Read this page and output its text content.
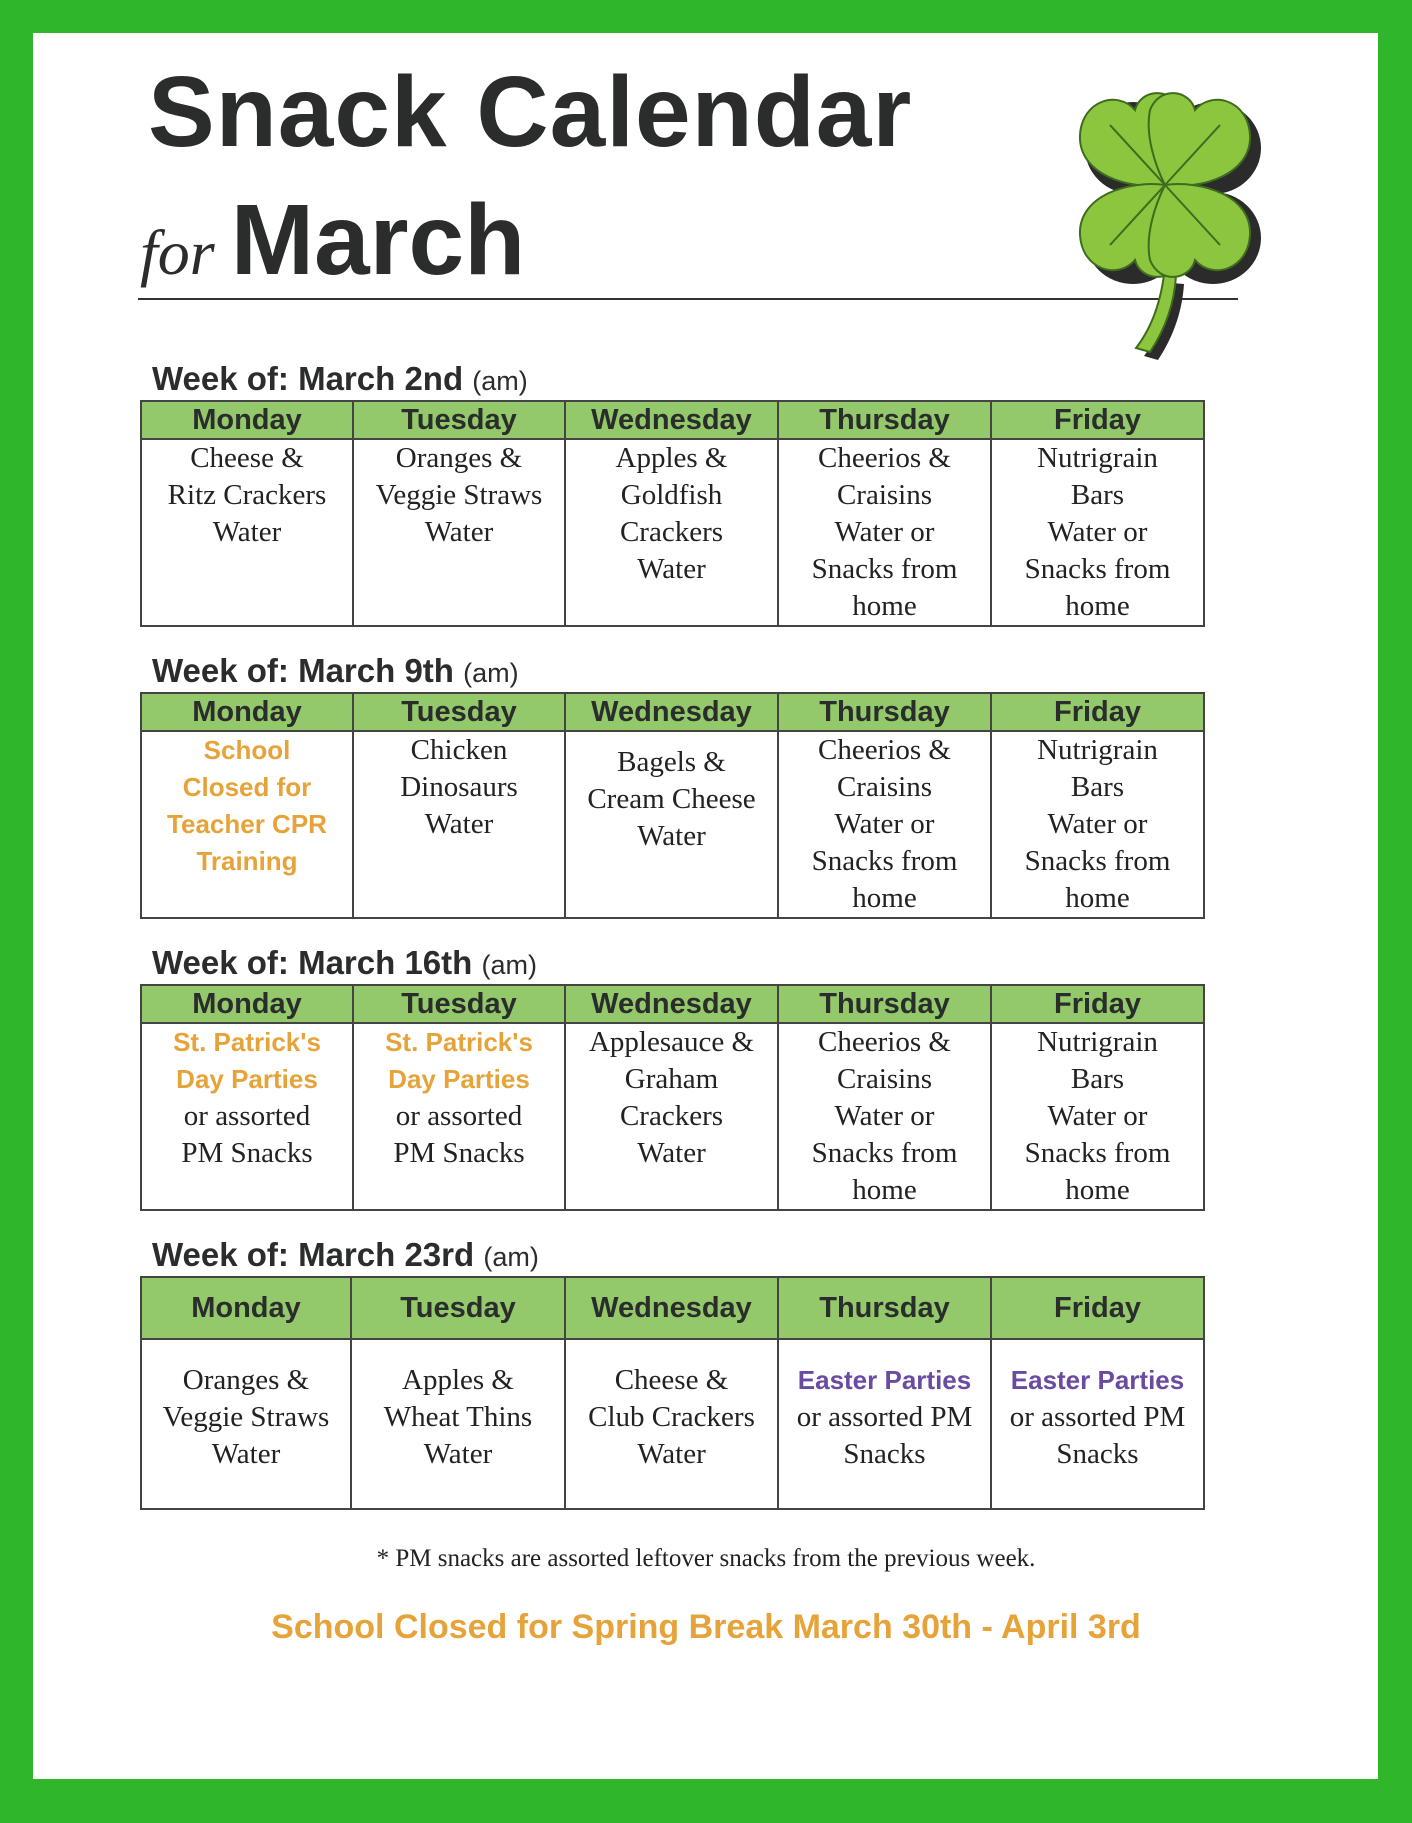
Snack Calendar
for March
Week of: March 2nd (am)
Monday	Tuesday	Wednesday	Thursday	Friday

Cheese &
Ritz Crackers
Water	Oranges &
Veggie Straws
Water	Apples &
Goldfish
Crackers
Water	Cheerios &
Craisins
Water or
Snacks from
home	Nutrigrain
Bars
Water or
Snacks from
home
Week of: March 9th (am)
Monday	Tuesday	Wednesday	Thursday	Friday

School
Closed for
Teacher CPR
Training	Chicken
Dinosaurs
Water	Bagels &
Cream Cheese
Water	Cheerios &
Craisins
Water or
Snacks from
home	Nutrigrain
Bars
Water or
Snacks from
home
Week of: March 16th (am)
Monday	Tuesday	Wednesday	Thursday	Friday

St. Patrick's
Day Parties
or assorted
PM Snacks	St. Patrick's
Day Parties
or assorted
PM Snacks	Applesauce &
Graham
Crackers
Water	Cheerios &
Craisins
Water or
Snacks from
home	Nutrigrain
Bars
Water or
Snacks from
home
Week of: March 23rd (am)
Monday	Tuesday	Wednesday	Thursday	Friday

Oranges &
Veggie Straws
Water	Apples &
Wheat Thins
Water	Cheese &
Club Crackers
Water	Easter Parties
or assorted PM
Snacks	Easter Parties
or assorted PM
Snacks
* PM snacks are assorted leftover snacks from the previous week.
School Closed for Spring Break March 30th - April 3rd
